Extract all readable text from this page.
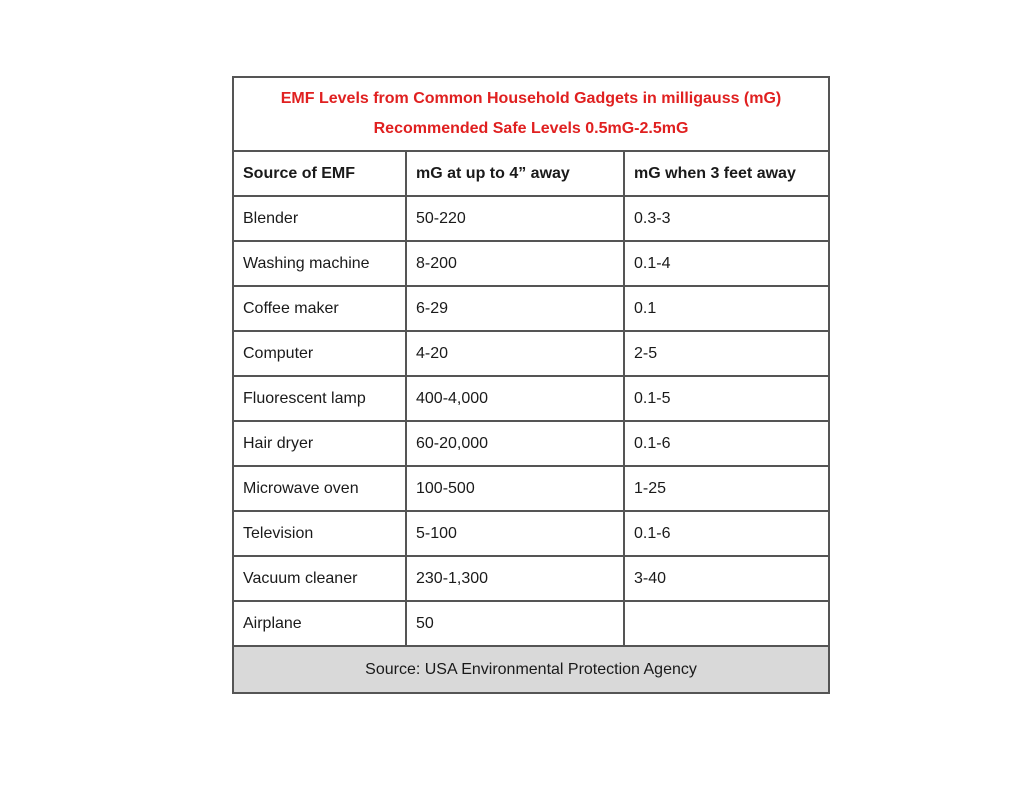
EMF Levels from Common Household Gadgets in milligauss (mG)
Recommended Safe Levels 0.5mG-2.5mG		

Source of EMF	mG at up to 4” away	mG when 3 feet away
Blender	50-220	0.3-3
Washing machine	8-200	0.1-4
Coffee maker	6-29	0.1
Computer	4-20	2-5
Fluorescent lamp	400-4,000	0.1-5
Hair dryer	60-20,000	0.1-6
Microwave oven	100-500	1-25
Television	5-100	0.1-6
Vacuum cleaner	230-1,300	3-40
Airplane	50	
Source: USA Environmental Protection Agency		
